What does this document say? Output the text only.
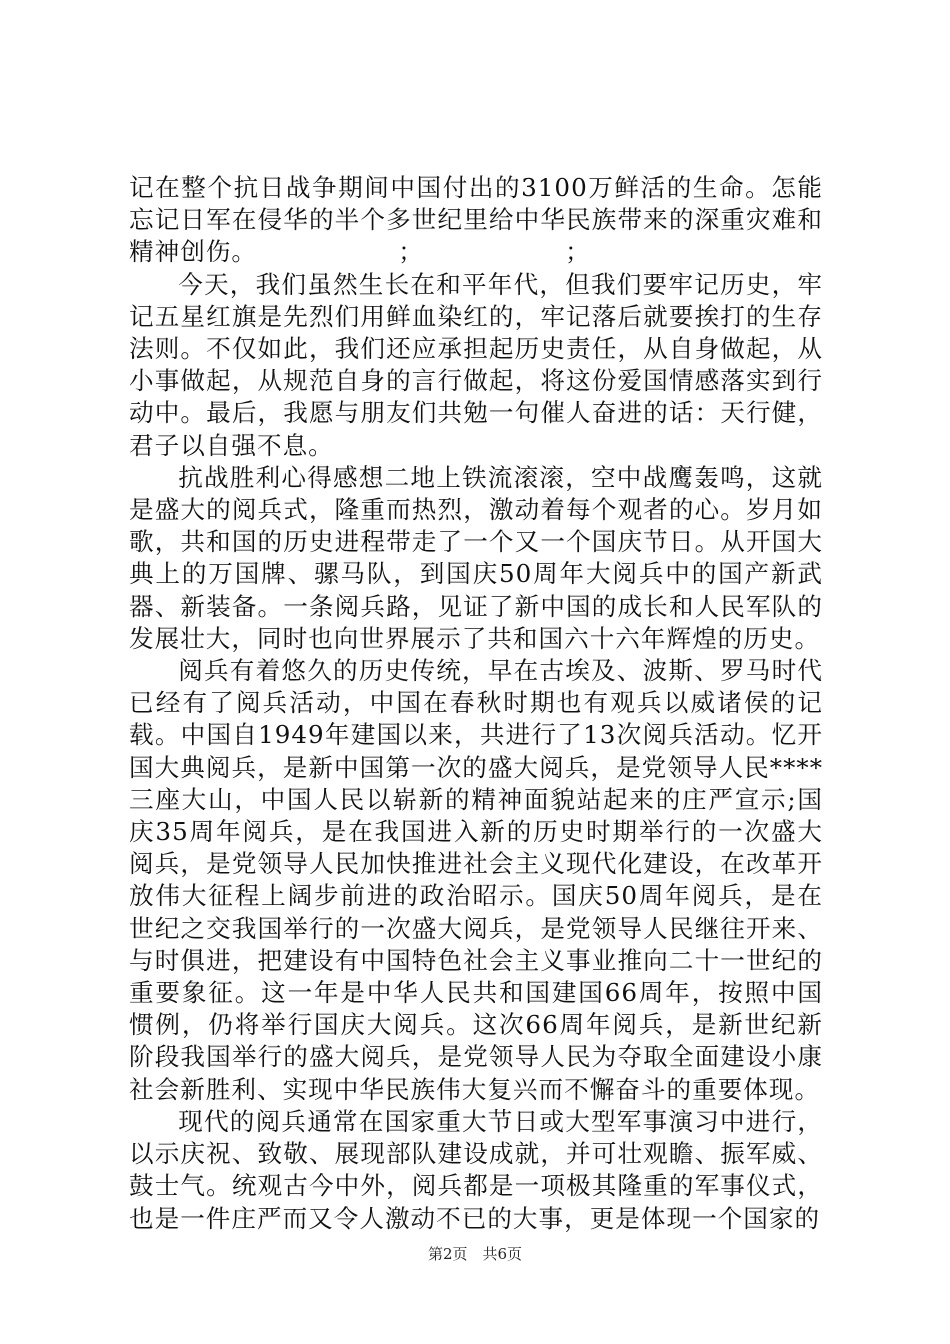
记在整个抗日战争期间中国付出的3100万鲜活的生命。怎能忘记日军在侵华的半个多世纪里给中华民族带来的深重灾难和精神创伤。　　　　　　；　　　　　　；

今天，我们虽然生长在和平年代，但我们要牢记历史，牢记五星红旗是先烈们用鲜血染红的，牢记落后就要挨打的生存法则。不仅如此，我们还应承担起历史责任，从自身做起，从小事做起，从规范自身的言行做起，将这份爱国情感落实到行动中。最后，我愿与朋友们共勉一句催人奋进的话：天行健，君子以自强不息。

抗战胜利心得感想二地上铁流滚滚，空中战鹰轰鸣，这就是盛大的阅兵式，隆重而热烈，激动着每个观者的心。岁月如歌，共和国的历史进程带走了一个又一个国庆节日。从开国大典上的万国牌、骡马队，到国庆50周年大阅兵中的国产新武器、新装备。一条阅兵路，见证了新中国的成长和人民军队的发展壮大，同时也向世界展示了共和国六十六年辉煌的历史。

阅兵有着悠久的历史传统，早在古埃及、波斯、罗马时代已经有了阅兵活动，中国在春秋时期也有观兵以威诸侯的记载。中国自1949年建国以来，共进行了13次阅兵活动。忆开国大典阅兵，是新中国第一次的盛大阅兵，是党领导人民****三座大山，中国人民以崭新的精神面貌站起来的庄严宣示;国庆35周年阅兵，是在我国进入新的历史时期举行的一次盛大阅兵，是党领导人民加快推进社会主义现代化建设，在改革开放伟大征程上阔步前进的政治昭示。国庆50周年阅兵，是在世纪之交我国举行的一次盛大阅兵，是党领导人民继往开来、与时俱进，把建设有中国特色社会主义事业推向二十一世纪的重要象征。这一年是中华人民共和国建国66周年，按照中国惯例，仍将举行国庆大阅兵。这次66周年阅兵，是新世纪新阶段我国举行的盛大阅兵，是党领导人民为夺取全面建设小康社会新胜利、实现中华民族伟大复兴而不懈奋斗的重要体现。

现代的阅兵通常在国家重大节日或大型军事演习中进行，以示庆祝、致敬、展现部队建设成就，并可壮观瞻、振军威、鼓士气。统观古今中外，阅兵都是一项极其隆重的军事仪式，也是一件庄严而又令人激动不已的大事，更是体现一个国家的

第2页　共6页
